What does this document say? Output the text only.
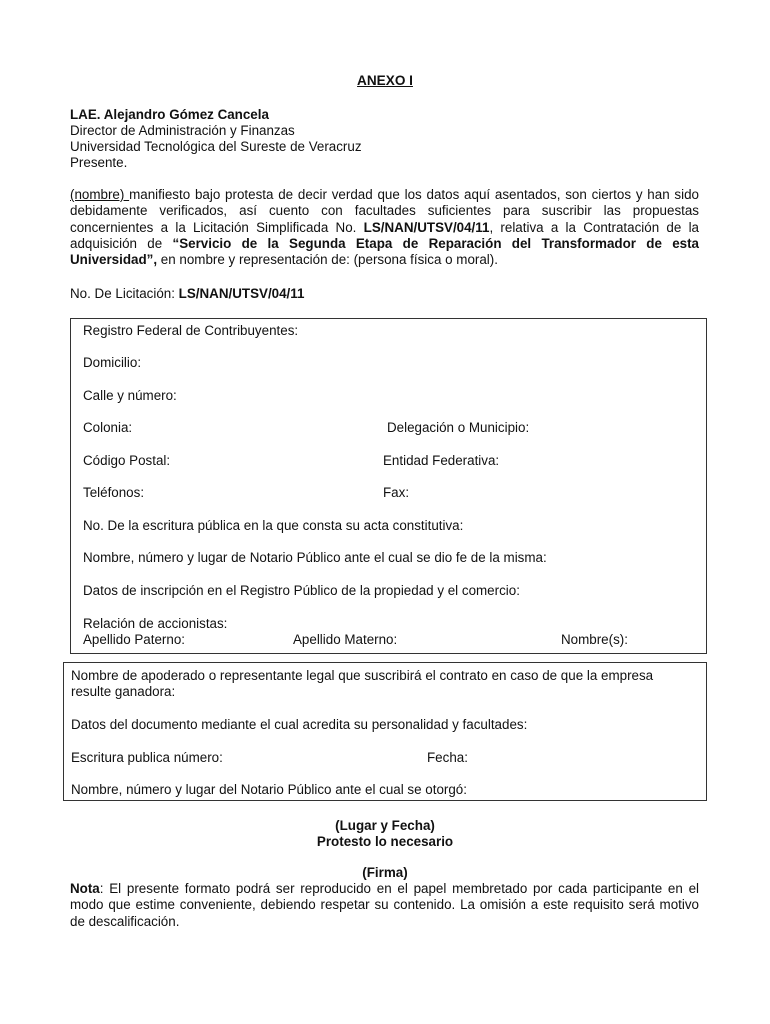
ANEXO I
LAE. Alejandro Gómez Cancela
Director de Administración y Finanzas
Universidad Tecnológica del Sureste de Veracruz
Presente.
(nombre) manifiesto bajo protesta de decir verdad que los datos aquí asentados, son ciertos y han sido debidamente verificados, así cuento con facultades suficientes para suscribir las propuestas concernientes a la Licitación Simplificada No. LS/NAN/UTSV/04/11, relativa a la Contratación de la adquisición de “Servicio de la Segunda Etapa de Reparación del Transformador de esta Universidad”, en nombre y representación de: (persona física o moral).
No. De Licitación: LS/NAN/UTSV/04/11
Registro Federal de Contribuyentes:
Domicilio:
Calle y número:
Colonia:	Delegación o Municipio:
Código Postal:	Entidad Federativa:
Teléfonos:	Fax:
No. De la escritura pública en la que consta su acta constitutiva:
Nombre, número y lugar de Notario Público ante el cual se dio fe de la misma:
Datos de inscripción en el Registro Público de la propiedad y el comercio:
Relación de accionistas:
Apellido Paterno:	Apellido Materno:	Nombre(s):
Nombre de apoderado o representante legal que suscribirá el contrato en caso de que la empresa
resulte ganadora:
Datos del documento mediante el cual acredita su personalidad y facultades:
Escritura publica número:	Fecha:
Nombre, número y lugar del Notario Público ante el cual se otorgó:
(Lugar y Fecha)
Protesto lo necesario
(Firma)
Nota: El presente formato podrá ser reproducido en el papel membretado por cada participante en el modo que estime conveniente, debiendo respetar su contenido. La omisión a este requisito será motivo de descalificación.
